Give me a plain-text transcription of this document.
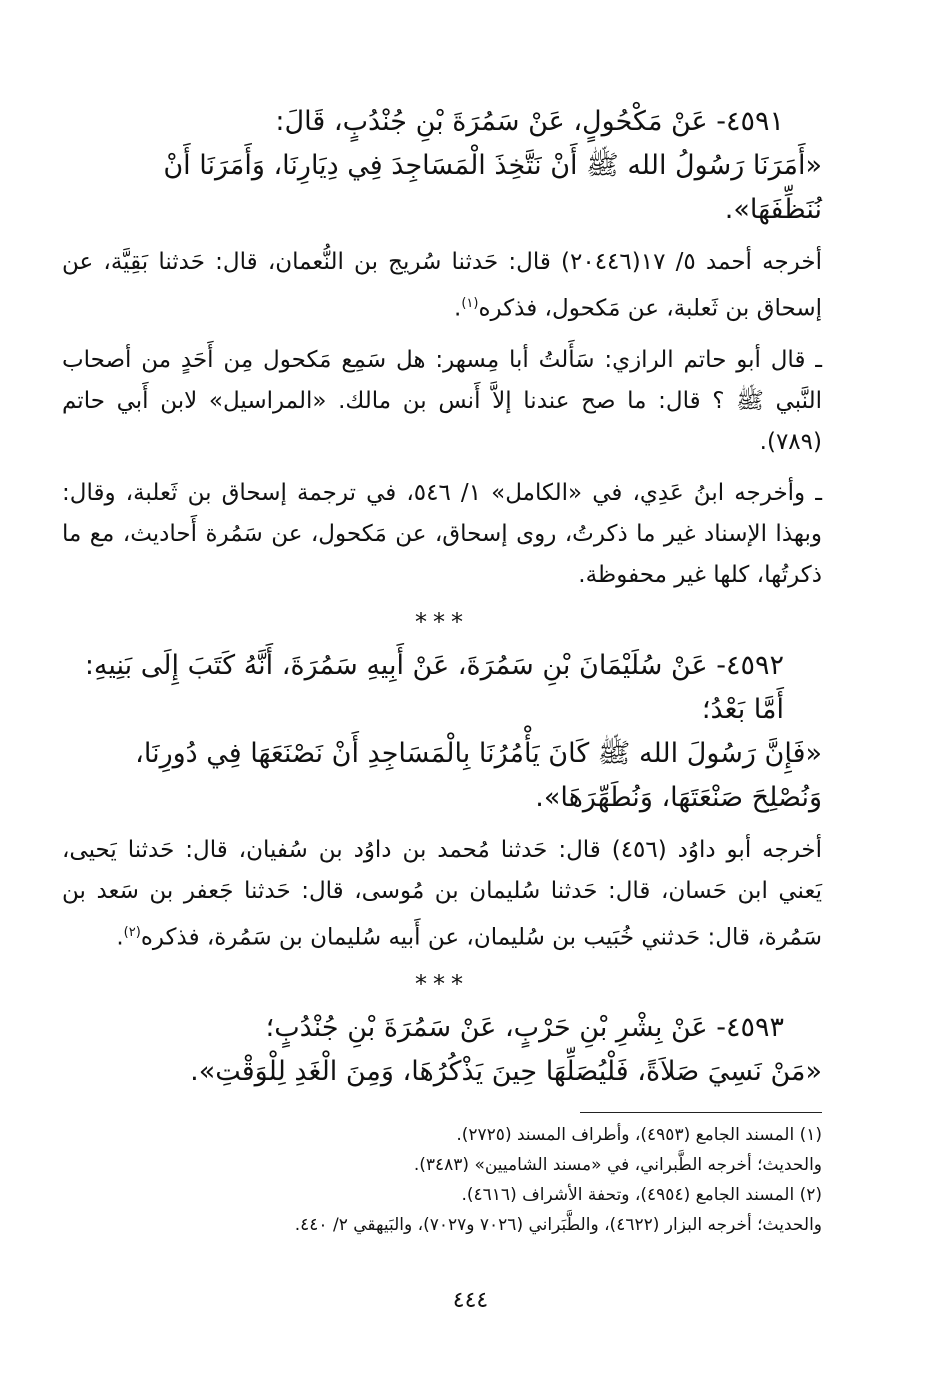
٤٥٩١- عَنْ مَكْحُولٍ، عَنْ سَمُرَةَ بْنِ جُنْدُبٍ، قَالَ:

«أَمَرَنَا رَسُولُ الله ﷺ أَنْ نَتَّخِذَ الْمَسَاجِدَ فِي دِيَارِنَا، وَأَمَرَنَا أَنْ نُنَظِّفَهَا».

أخرجه أحمد ٥/ ١٧(٢٠٤٤٦) قال: حَدثنا سُريج بن النُّعمان، قال: حَدثنا بَقِيَّة، عن إسحاق بن ثَعلبة، عن مَكحول، فذكره$^{(١)}$.

ـ قال أبو حاتم الرازي: سَأَلتُ أبا مِسهر: هل سَمِع مَكحول مِن أَحَدٍ من أصحاب النَّبي ﷺ ؟ قال: ما صح عندنا إلاَّ أَنس بن مالك. «المراسيل» لابن أَبي حاتم (٧٨٩).

ـ وأخرجه ابنُ عَدِي، في «الكامل» ١/ ٥٤٦، في ترجمة إسحاق بن ثَعلبة، وقال: وبهذا الإسناد غير ما ذكرتُ، روى إسحاق، عن مَكحول، عن سَمُرة أَحاديث، مع ما ذكرتُها، كلها غير محفوظة.

***

٤٥٩٢- عَنْ سُلَيْمَانَ بْنِ سَمُرَةَ، عَنْ أَبِيهِ سَمُرَةَ، أَنَّهُ كَتَبَ إِلَى بَنِيهِ: أَمَّا بَعْدُ؛

«فَإِنَّ رَسُولَ الله ﷺ كَانَ يَأْمُرُنَا بِالْمَسَاجِدِ أَنْ نَصْنَعَهَا فِي دُورِنَا، وَنُصْلِحَ صَنْعَتَهَا، وَنُطَهِّرَهَا».

أخرجه أبو داوُد (٤٥٦) قال: حَدثنا مُحمد بن داوُد بن سُفيان، قال: حَدثنا يَحيى، يَعني ابن حَسان، قال: حَدثنا سُليمان بن مُوسى، قال: حَدثنا جَعفر بن سَعد بن سَمُرة، قال: حَدثني خُبَيب بن سُليمان، عن أَبيه سُليمان بن سَمُرة، فذكره$^{(٢)}$.

***

٤٥٩٣- عَنْ بِشْرِ بْنِ حَرْبٍ، عَنْ سَمُرَةَ بْنِ جُنْدُبٍ؛

«مَنْ نَسِيَ صَلاَةً، فَلْيُصَلِّهَا حِينَ يَذْكُرُهَا، وَمِنَ الْغَدِ لِلْوَقْتِ».

(١) المسند الجامع (٤٩٥٣)، وأطراف المسند (٢٧٢٥).

والحديث؛ أخرجه الطَّبراني، في «مسند الشاميين» (٣٤٨٣).

(٢) المسند الجامع (٤٩٥٤)، وتحفة الأشراف (٤٦١٦).

والحديث؛ أخرجه البزار (٤٦٢٢)، والطَّبَراني (٧٠٢٦ و٧٠٢٧)، والبَيهقي ٢/ ٤٤٠.

٤٤٤
